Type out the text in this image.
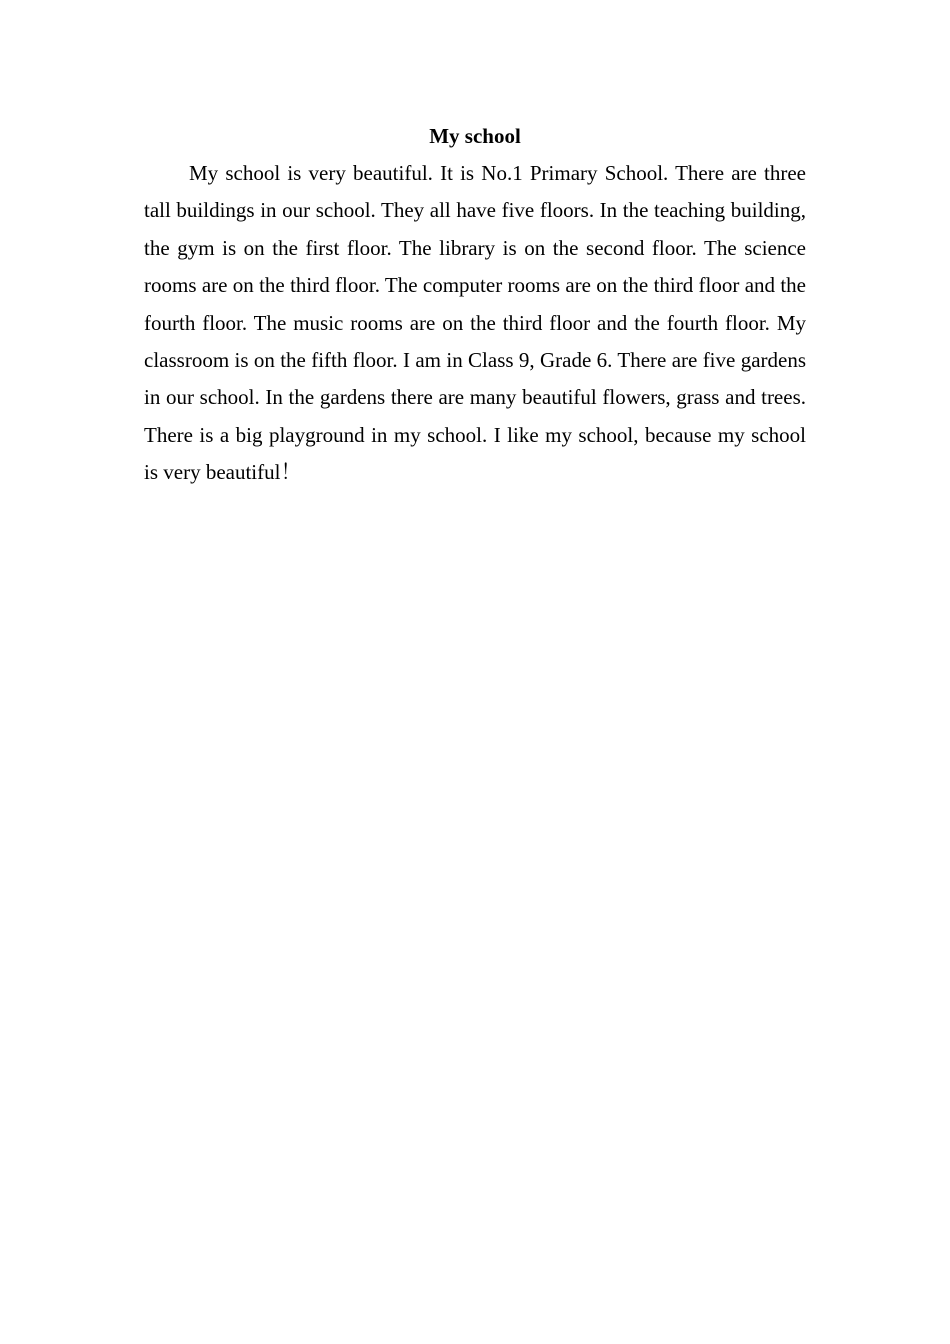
My school

My school is very beautiful. It is No.1 Primary School. There are three tall buildings in our school. They all have five floors. In the teaching building, the gym is on the first floor. The library is on the second floor. The science rooms are on the third floor. The computer rooms are on the third floor and the fourth floor. The music rooms are on the third floor and the fourth floor. My classroom is on the fifth floor. I am in Class 9, Grade 6. There are five gardens in our school. In the gardens there are many beautiful flowers, grass and trees. There is a big playground in my school. I like my school, because my school is very beautiful！
